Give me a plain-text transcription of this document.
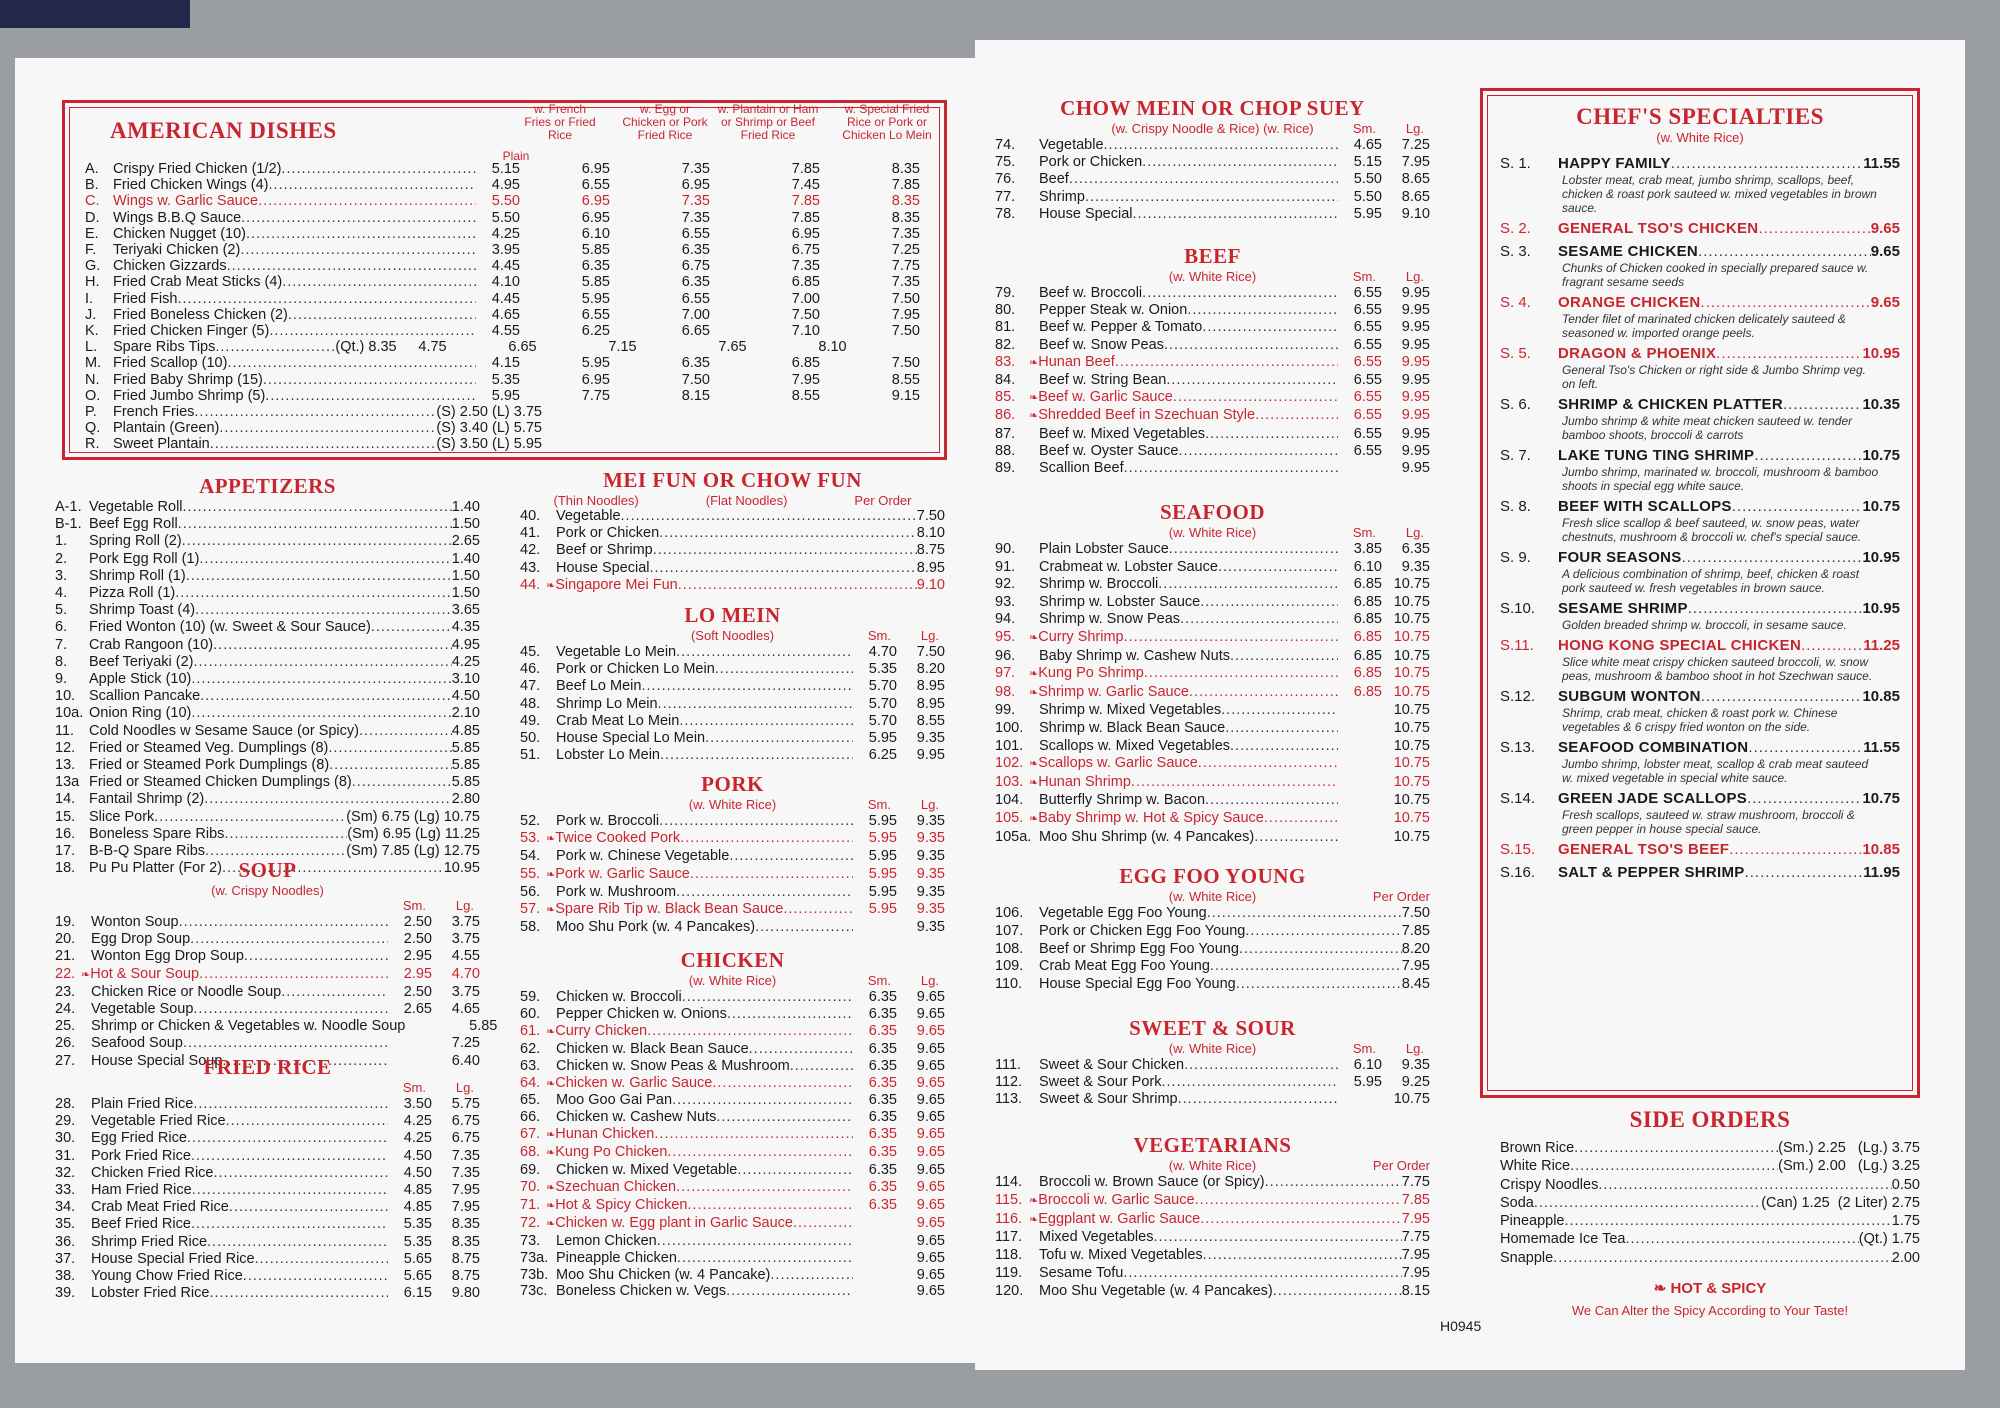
AMERICAN DISHES
Plain
w. French Fries or Fried Rice
w. Egg or Chicken or Pork Fried Rice
w. Plantain or Ham or Shrimp or Beef Fried Rice
w. Special Fried Rice or Pork or Chicken Lo Mein
A. Crispy Fried Chicken (1/2) .....	5.15	6.95	7.35	7.85	8.35
B. Fried Chicken Wings (4) .....	4.95	6.55	6.95	7.45	7.85
C. Wings w. Garlic Sauce .....	5.50	6.95	7.35	7.85	8.35
D. Wings B.B.Q Sauce .....	5.50	6.95	7.35	7.85	8.35
E. Chicken Nugget (10) .....	4.25	6.10	6.55	6.95	7.35
F.	Teriyaki Chicken (2) .....	3.95	5.85	6.35	6.75	7.25
G. Chicken Gizzards .....	4.45	6.35	6.75	7.35	7.75
H. Fried Crab Meat Sticks (4) .....	4.10	5.85	6.35	6.85	7.35
I.	Fried Fish .....	4.45	5.95	6.55	7.00	7.50
J.	Fried Boneless Chicken (2) .....	4.65	6.55	7.00	7.50	7.95
K. Fried Chicken Finger (5) .....	4.55	6.25	6.65	7.10	7.50
L.	Spare Ribs Tips .....	(Qt.) 8.35	4.75	6.65	7.15	7.65	8.10
M. Fried Scallop (10) .....	4.15	5.95	6.35	6.85	7.50
N. Fried Baby Shrimp (15) .....	5.35	6.95	7.50	7.95	8.55
O. Fried Jumbo Shrimp (5) .....	5.95	7.75	8.15	8.55	9.15
P.	French Fries .....	(S) 2.50 (L) 3.75
Q. Plantain (Green) .....	(S) 3.40 (L) 5.75
R. Sweet Plantain .....	(S) 3.50 (L) 5.95
APPETIZERS
A-1. Vegetable Roll .....	1.40
B-1. Beef Egg Roll .....	1.50
1.	Spring Roll (2) .....	2.65
2.	Pork Egg Roll (1) .....	1.40
3.	Shrimp Roll (1) .....	1.50
4.	Pizza Roll (1) .....	1.50
5.	Shrimp Toast (4) .....	3.65
6.	Fried Wonton (10) (w. Sweet & Sour Sauce) .....	4.35
7.	Crab Rangoon (10) .....	4.95
8.	Beef Teriyaki (2) .....	4.25
9.	Apple Stick (10) .....	3.10
10. Scallion Pancake .....	4.50
10a. Onion Ring (10) .....	2.10
11.	Cold Noodles w Sesame Sauce (or Spicy) .....	4.85
12. Fried or Steamed Veg. Dumplings (8) .....	5.85
13. Fried or Steamed Pork Dumplings (8) .....	5.85
13a Fried or Steamed Chicken Dumplings (8) .....	5.85
14. Fantail Shrimp (2) .....	2.80
15. Slice Pork .....	(Sm) 6.75 (Lg) 10.75
16. Boneless Spare Ribs .....	(Sm) 6.95 (Lg) 11.25
17. B-B-Q Spare Ribs .....	(Sm) 7.85 (Lg) 12.75
18. Pu Pu Platter (For 2) .....	10.95
SOUP
(w. Crispy Noodles)
Sm. Lg.
19.	Wonton Soup .....	2.50	3.75
20.	Egg Drop Soup .....	2.50	3.75
21.	Wonton Egg Drop Soup .....	2.95	4.55
22. ❧ Hot & Sour Soup .....	2.95	4.70
23.	Chicken Rice or Noodle Soup .....	2.50	3.75
24.	Vegetable Soup .....	2.65	4.65
25.	Shrimp or Chicken & Vegetables w. Noodle Soup	5.85
26.	Seafood Soup .....	7.25
27.	House Special Soup .....	6.40
FRIED RICE
Sm. Lg.
28.	Plain Fried Rice .....	3.50	5.75
29.	Vegetable Fried Rice .....	4.25	6.75
30.	Egg Fried Rice .....	4.25	6.75
31.	Pork Fried Rice .....	4.50	7.35
32.	Chicken Fried Rice .....	4.50	7.35
33.	Ham Fried Rice .....	4.85	7.95
34.	Crab Meat Fried Rice .....	4.85	7.95
35.	Beef Fried Rice .....	5.35	8.35
36.	Shrimp Fried Rice .....	5.35	8.35
37.	House Special Fried Rice .....	5.65	8.75
38.	Young Chow Fried Rice .....	5.65	8.75
39.	Lobster Fried Rice .....	6.15	9.80
MEI FUN OR CHOW FUN
(Thin Noodles)	(Flat Noodles)	Per Order
40.	Vegetable .....	7.50
41.	Pork or Chicken .....	8.10
42.	Beef or Shrimp .....	8.75
43.	House Special .....	8.95
44. ❧ Singapore Mei Fun .....	9.10
LO MEIN
(Soft Noodles)	Sm. Lg.
45.	Vegetable Lo Mein .....	4.70	7.50
46.	Pork or Chicken Lo Mein .....	5.35	8.20
47.	Beef Lo Mein .....	5.70	8.95
48.	Shrimp Lo Mein .....	5.70	8.95
49.	Crab Meat Lo Mein .....	5.70	8.55
50.	House Special Lo Mein .....	5.95	9.35
51.	Lobster Lo Mein .....	6.25	9.95
PORK
(w. White Rice)	Sm. Lg.
52.	Pork w. Broccoli .....	5.95	9.35
53. ❧ Twice Cooked Pork .....	5.95	9.35
54.	Pork w. Chinese Vegetable .....	5.95	9.35
55. ❧ Pork w. Garlic Sauce .....	5.95	9.35
56.	Pork w. Mushroom .....	5.95	9.35
57. ❧ Spare Rib Tip w. Black Bean Sauce .....	5.95	9.35
58.	Moo Shu Pork (w. 4 Pancakes) .....	9.35
CHICKEN
(w. White Rice)	Sm. Lg.
59.	Chicken w. Broccoli .....	6.35	9.65
60.	Pepper Chicken w. Onions .....	6.35	9.65
61. ❧ Curry Chicken .....	6.35	9.65
62.	Chicken w. Black Bean Sauce .....	6.35	9.65
63.	Chicken w. Snow Peas & Mushroom .....	6.35	9.65
64. ❧ Chicken w. Garlic Sauce .....	6.35	9.65
65.	Moo Goo Gai Pan .....	6.35	9.65
66.	Chicken w. Cashew Nuts .....	6.35	9.65
67. ❧ Hunan Chicken .....	6.35	9.65
68. ❧ Kung Po Chicken .....	6.35	9.65
69.	Chicken w. Mixed Vegetable .....	6.35	9.65
70. ❧ Szechuan Chicken .....	6.35	9.65
71. ❧ Hot & Spicy Chicken .....	6.35	9.65
72. ❧ Chicken w. Egg plant in Garlic Sauce .....	9.65
73.	Lemon Chicken .....	9.65
73a. Pineapple Chicken .....	9.65
73b. Moo Shu Chicken (w. 4 Pancake) .....	9.65
73c. Boneless Chicken w. Vegs .....	9.65
CHOW MEIN OR CHOP SUEY
(w. Crispy Noodle & Rice) (w. Rice)	Sm. Lg.
74.	Vegetable .....	4.65	7.25
75.	Pork or Chicken .....	5.15	7.95
76.	Beef .....	5.50	8.65
77.	Shrimp .....	5.50	8.65
78.	House Special .....	5.95	9.10
BEEF
(w. White Rice)	Sm. Lg.
79.	Beef w. Broccoli .....	6.55	9.95
80.	Pepper Steak w. Onion .....	6.55	9.95
81.	Beef w. Pepper & Tomato .....	6.55	9.95
82.	Beef w. Snow Peas .....	6.55	9.95
83.	❧ Hunan Beef .....	6.55	9.95
84.	Beef w. String Bean .....	6.55	9.95
85.	❧ Beef w. Garlic Sauce .....	6.55	9.95
86.	❧ Shredded Beef in Szechuan Style .....	6.55	9.95
87.	Beef w. Mixed Vegetables .....	6.55	9.95
88.	Beef w. Oyster Sauce .....	6.55	9.95
89.	Scallion Beef .....	9.95
SEAFOOD
(w. White Rice)	Sm. Lg.
90.	Plain Lobster Sauce .....	3.85	6.35
91.	Crabmeat w. Lobster Sauce .....	6.10	9.35
92.	Shrimp w. Broccoli .....	6.85 10.75
93.	Shrimp w. Lobster Sauce .....	6.85 10.75
94.	Shrimp w. Snow Peas .....	6.85 10.75
95.	❧ Curry Shrimp .....	6.85 10.75
96.	Baby Shrimp w. Cashew Nuts .....	6.85 10.75
97.	❧ Kung Po Shrimp .....	6.85 10.75
98.	❧ Shrimp w. Garlic Sauce .....	6.85 10.75
99.	Shrimp w. Mixed Vegetables .....	10.75
100.	Shrimp w. Black Bean Sauce .....	10.75
101.	Scallops w. Mixed Vegetables .....	10.75
102. ❧ Scallops w. Garlic Sauce .....	10.75
103. ❧ Hunan Shrimp .....	10.75
104.	Butterfly Shrimp w. Bacon .....	10.75
105. ❧ Baby Shrimp w. Hot & Spicy Sauce .....	10.75
105a. Moo Shu Shrimp (w. 4 Pancakes) .....	10.75
EGG FOO YOUNG
(w. White Rice)	Per Order
106.	Vegetable Egg Foo Young .....	7.50
107.	Pork or Chicken Egg Foo Young .....	7.85
108.	Beef or Shrimp Egg Foo Young .....	8.20
109.	Crab Meat Egg Foo Young .....	7.95
110.	House Special Egg Foo Young .....	8.45
SWEET & SOUR
(w. White Rice)	Sm. Lg.
111.	Sweet & Sour Chicken .....	6.10	9.35
112.	Sweet & Sour Pork .....	5.95	9.25
113.	Sweet & Sour Shrimp .....	10.75
VEGETARIANS
(w. White Rice)	Per Order
114.	Broccoli w. Brown Sauce (or Spicy) .....	7.75
115. ❧ Broccoli w. Garlic Sauce .....	7.85
116. ❧ Eggplant w. Garlic Sauce .....	7.95
117.	Mixed Vegetables .....	7.75
118.	Tofu w. Mixed Vegetables .....	7.95
119.	Sesame Tofu .....	7.95
120.	Moo Shu Vegetable (w. 4 Pancakes) .....	8.15
H0945
CHEF'S SPECIALTIES
(w. White Rice)
S. 1.	HAPPY FAMILY .....	11.55
Lobster meat, crab meat, jumbo shrimp, scallops, beef, chicken & roast pork sauteed w. mixed vegetables in brown sauce.
S. 2.	GENERAL TSO'S CHICKEN .....	9.65
S. 3.	SESAME CHICKEN .....	9.65
Chunks of Chicken cooked in specially prepared sauce w. fragrant sesame seeds
S. 4.	ORANGE CHICKEN .....	9.65
Tender filet of marinated chicken delicately sauteed & seasoned w. imported orange peels.
S. 5.	DRAGON & PHOENIX .....	10.95
General Tso's Chicken or right side & Jumbo Shrimp veg. on left.
S. 6.	SHRIMP & CHICKEN PLATTER .....	10.35
Jumbo shrimp & white meat chicken sauteed w. tender bamboo shoots, broccoli & carrots
S. 7.	LAKE TUNG TING SHRIMP .....	10.75
Jumbo shrimp, marinated w. broccoli, mushroom & bamboo shoots in special egg white sauce.
S. 8.	BEEF WITH SCALLOPS .....	10.75
Fresh slice scallop & beef sauteed, w. snow peas, water chestnuts, mushroom & broccoli w. chef's special sauce.
S. 9.	FOUR SEASONS .....	10.95
A delicious combination of shrimp, beef, chicken & roast pork sauteed w. fresh vegetables in brown sauce.
S.10.	SESAME SHRIMP .....	10.95
Golden breaded shrimp w. broccoli, in sesame sauce.
S.11.	HONG KONG SPECIAL CHICKEN .....	11.25
Slice white meat crispy chicken sauteed broccoli, w. snow peas, mushroom & bamboo shoot in hot Szechwan sauce.
S.12.	SUBGUM WONTON .....	10.85
Shrimp, crab meat, chicken & roast pork w. Chinese vegetables & 6 crispy fried wonton on the side.
S.13.	SEAFOOD COMBINATION .....	11.55
Jumbo shrimp, lobster meat, scallop & crab meat sauteed w. mixed vegetable in special white sauce.
S.14.	GREEN JADE SCALLOPS .....	10.75
Fresh scallops, sauteed w. straw mushroom, broccoli & green pepper in house special sauce.
S.15.	GENERAL TSO'S BEEF .....	10.85
S.16.	SALT & PEPPER SHRIMP .....	11.95
SIDE ORDERS
Brown Rice .....	(Sm.) 2.25   (Lg.) 3.75
White Rice .....	(Sm.) 2.00   (Lg.) 3.25
Crispy Noodles .....	0.50
Soda .....	(Can) 1.25  (2 Liter) 2.75
Pineapple .....	1.75
Homemade Ice Tea .....	(Qt.) 1.75
Snapple .....	2.00
❧ HOT & SPICY
We Can Alter the Spicy According to Your Taste!
